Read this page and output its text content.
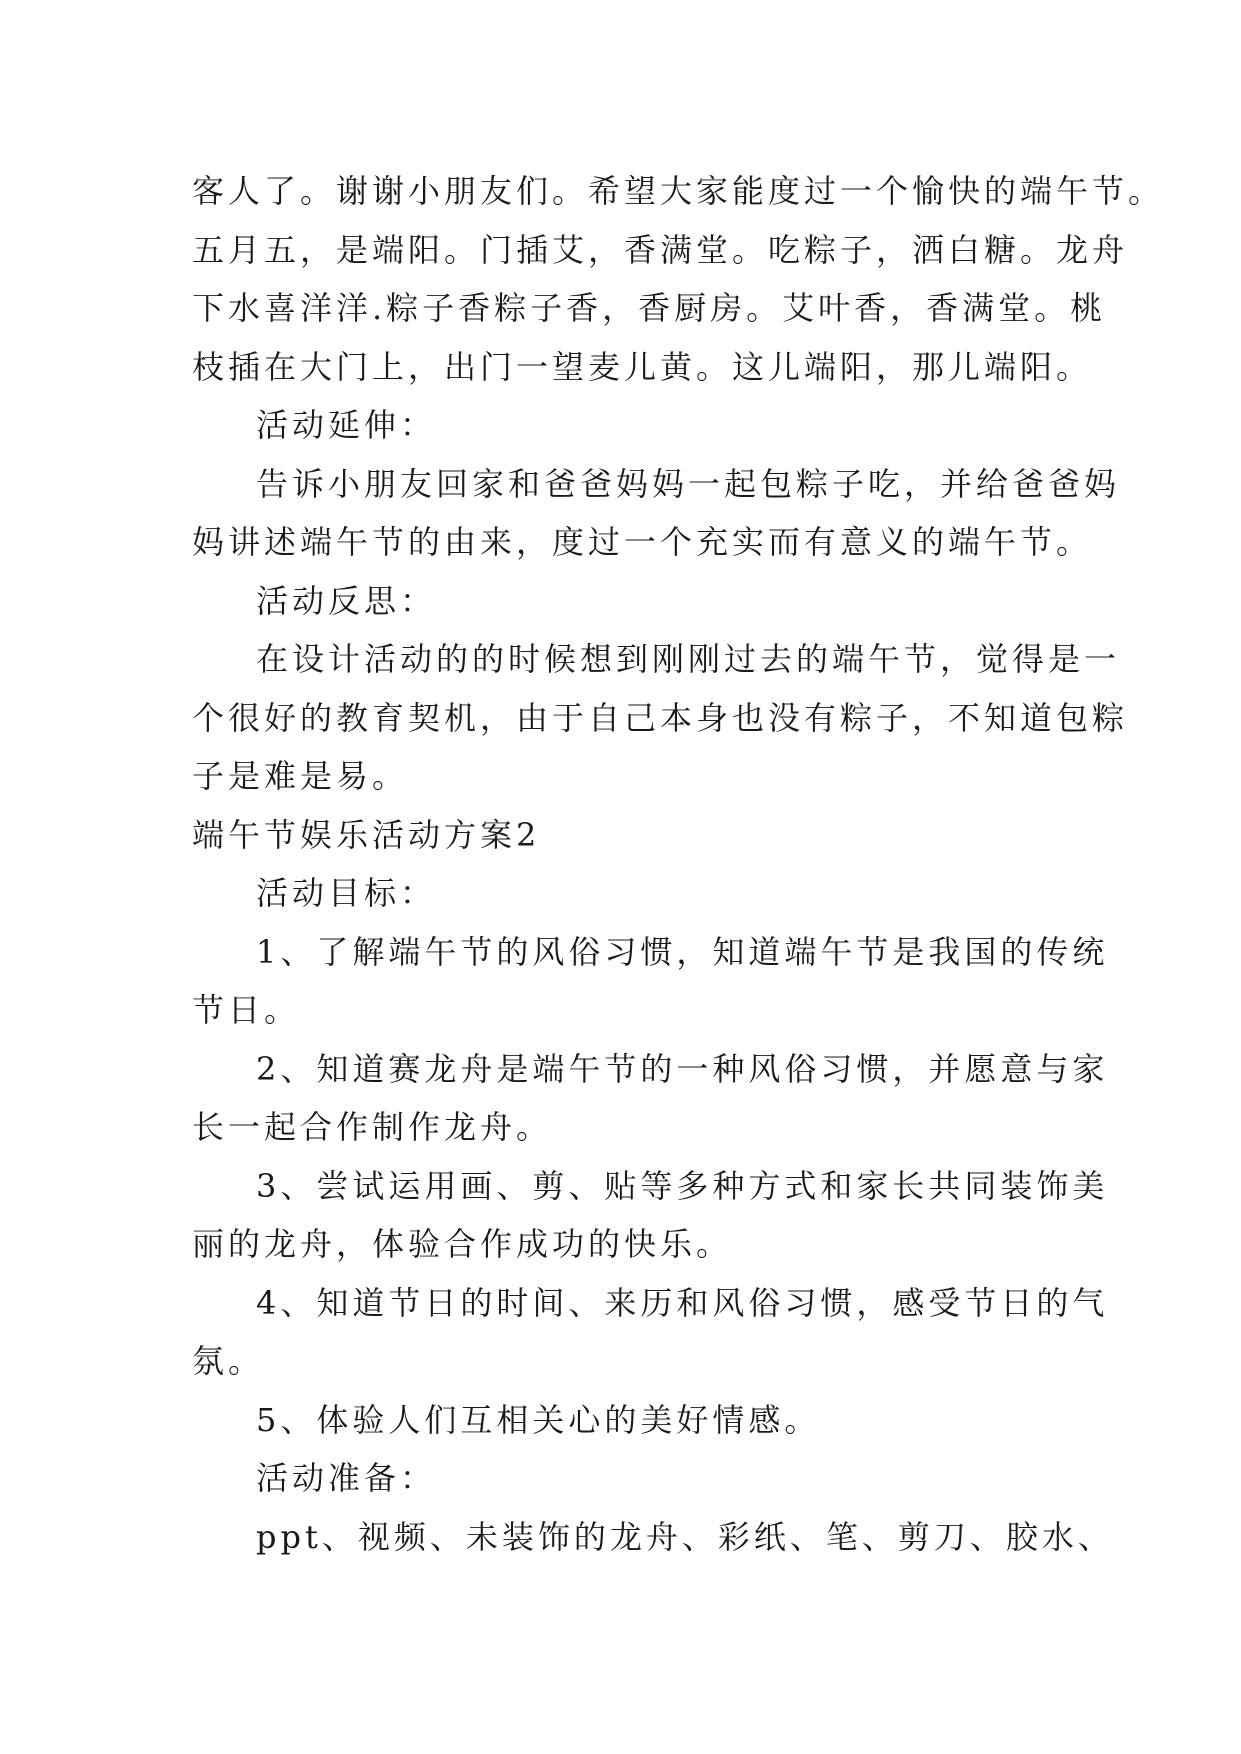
客人了。谢谢小朋友们。希望大家能度过一个愉快的端午节。
五月五，是端阳。门插艾，香满堂。吃粽子，洒白糖。龙舟
下水喜洋洋.粽子香粽子香，香厨房。艾叶香，香满堂。桃
枝插在大门上，出门一望麦儿黄。这儿端阳，那儿端阳。
活动延伸：
告诉小朋友回家和爸爸妈妈一起包粽子吃，并给爸爸妈
妈讲述端午节的由来，度过一个充实而有意义的端午节。
活动反思：
在设计活动的的时候想到刚刚过去的端午节，觉得是一
个很好的教育契机，由于自己本身也没有粽子，不知道包粽
子是难是易。
端午节娱乐活动方案2
活动目标：
1、了解端午节的风俗习惯，知道端午节是我国的传统
节日。
2、知道赛龙舟是端午节的一种风俗习惯，并愿意与家
长一起合作制作龙舟。
3、尝试运用画、剪、贴等多种方式和家长共同装饰美
丽的龙舟，体验合作成功的快乐。
4、知道节日的时间、来历和风俗习惯，感受节日的气
氛。
5、体验人们互相关心的美好情感。
活动准备：
ppt、视频、未装饰的龙舟、彩纸、笔、剪刀、胶水、
